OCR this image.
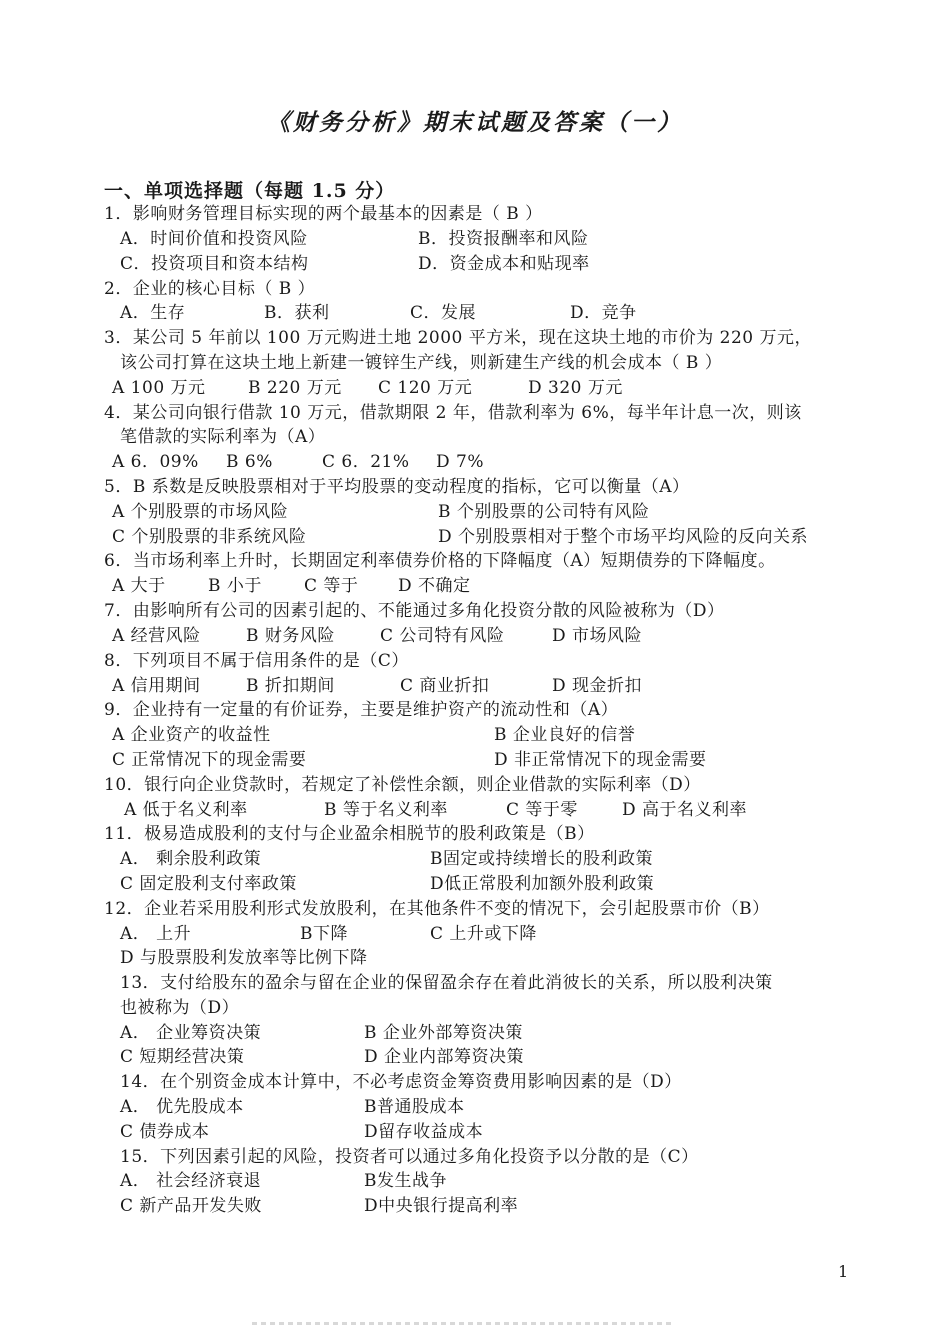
《财务分析》期末试题及答案（一）
一、单项选择题（每题 1.5 分）
1．影响财务管理目标实现的两个最基本的因素是（ B ）
A．时间价值和投资风险	B．投资报酬率和风险
C．投资项目和资本结构	D．资金成本和贴现率
2．企业的核心目标（ B ）
A．生存	B．获利	C．发展	D．竞争
3．某公司 5 年前以 100 万元购进土地 2000 平方米，现在这块土地的市价为 220 万元，
该公司打算在这块土地上新建一镀锌生产线，则新建生产线的机会成本（ B ）
A 100 万元 B 220 万元 C 120 万元	D 320 万元
4．某公司向银行借款 10 万元，借款期限 2 年，借款利率为 6%，每半年计息一次，则该
笔借款的实际利率为（A）
A 6．09% B 6%	C 6．21% D 7%
5．Β 系数是反映股票相对于平均股票的变动程度的指标，它可以衡量（A）
A 个别股票的市场风险	B 个别股票的公司特有风险
C 个别股票的非系统风险	D 个别股票相对于整个市场平均风险的反向关系
6．当市场利率上升时，长期固定利率债券价格的下降幅度（A）短期债券的下降幅度。
A 大于 B 小于 C 等于 D 不确定
7．由影响所有公司的因素引起的、不能通过多角化投资分散的风险被称为（D）
A 经营风险	B 财务风险	C 公司特有风险	D 市场风险
8．下列项目不属于信用条件的是（C）
A 信用期间	B 折扣期间	C 商业折扣	D 现金折扣
9．企业持有一定量的有价证券，主要是维护资产的流动性和（A）
A 企业资产的收益性	B 企业良好的信誉
C 正常情况下的现金需要	D 非正常情况下的现金需要
10．银行向企业贷款时，若规定了补偿性余额，则企业借款的实际利率（D）
A 低于名义利率	B 等于名义利率	C 等于零	D 高于名义利率
11．极易造成股利的支付与企业盈余相脱节的股利政策是（B）
A． 剩余股利政策	B固定或持续增长的股利政策
C 固定股利支付率政策	D低正常股利加额外股利政策
12．企业若采用股利形式发放股利，在其他条件不变的情况下，会引起股票市价（B）
A． 上升	B下降	C 上升或下降
D 与股票股利发放率等比例下降
13．支付给股东的盈余与留在企业的保留盈余存在着此消彼长的关系，所以股利决策
也被称为（D）
A． 企业筹资决策	B 企业外部筹资决策
C 短期经营决策	D 企业内部筹资决策
14．在个别资金成本计算中，不必考虑资金筹资费用影响因素的是（D）
A． 优先股成本	B普通股成本
C 债券成本	D留存收益成本
15．下列因素引起的风险，投资者可以通过多角化投资予以分散的是（C）
A． 社会经济衰退	B发生战争
C 新产品开发失败	D中央银行提高利率
1
